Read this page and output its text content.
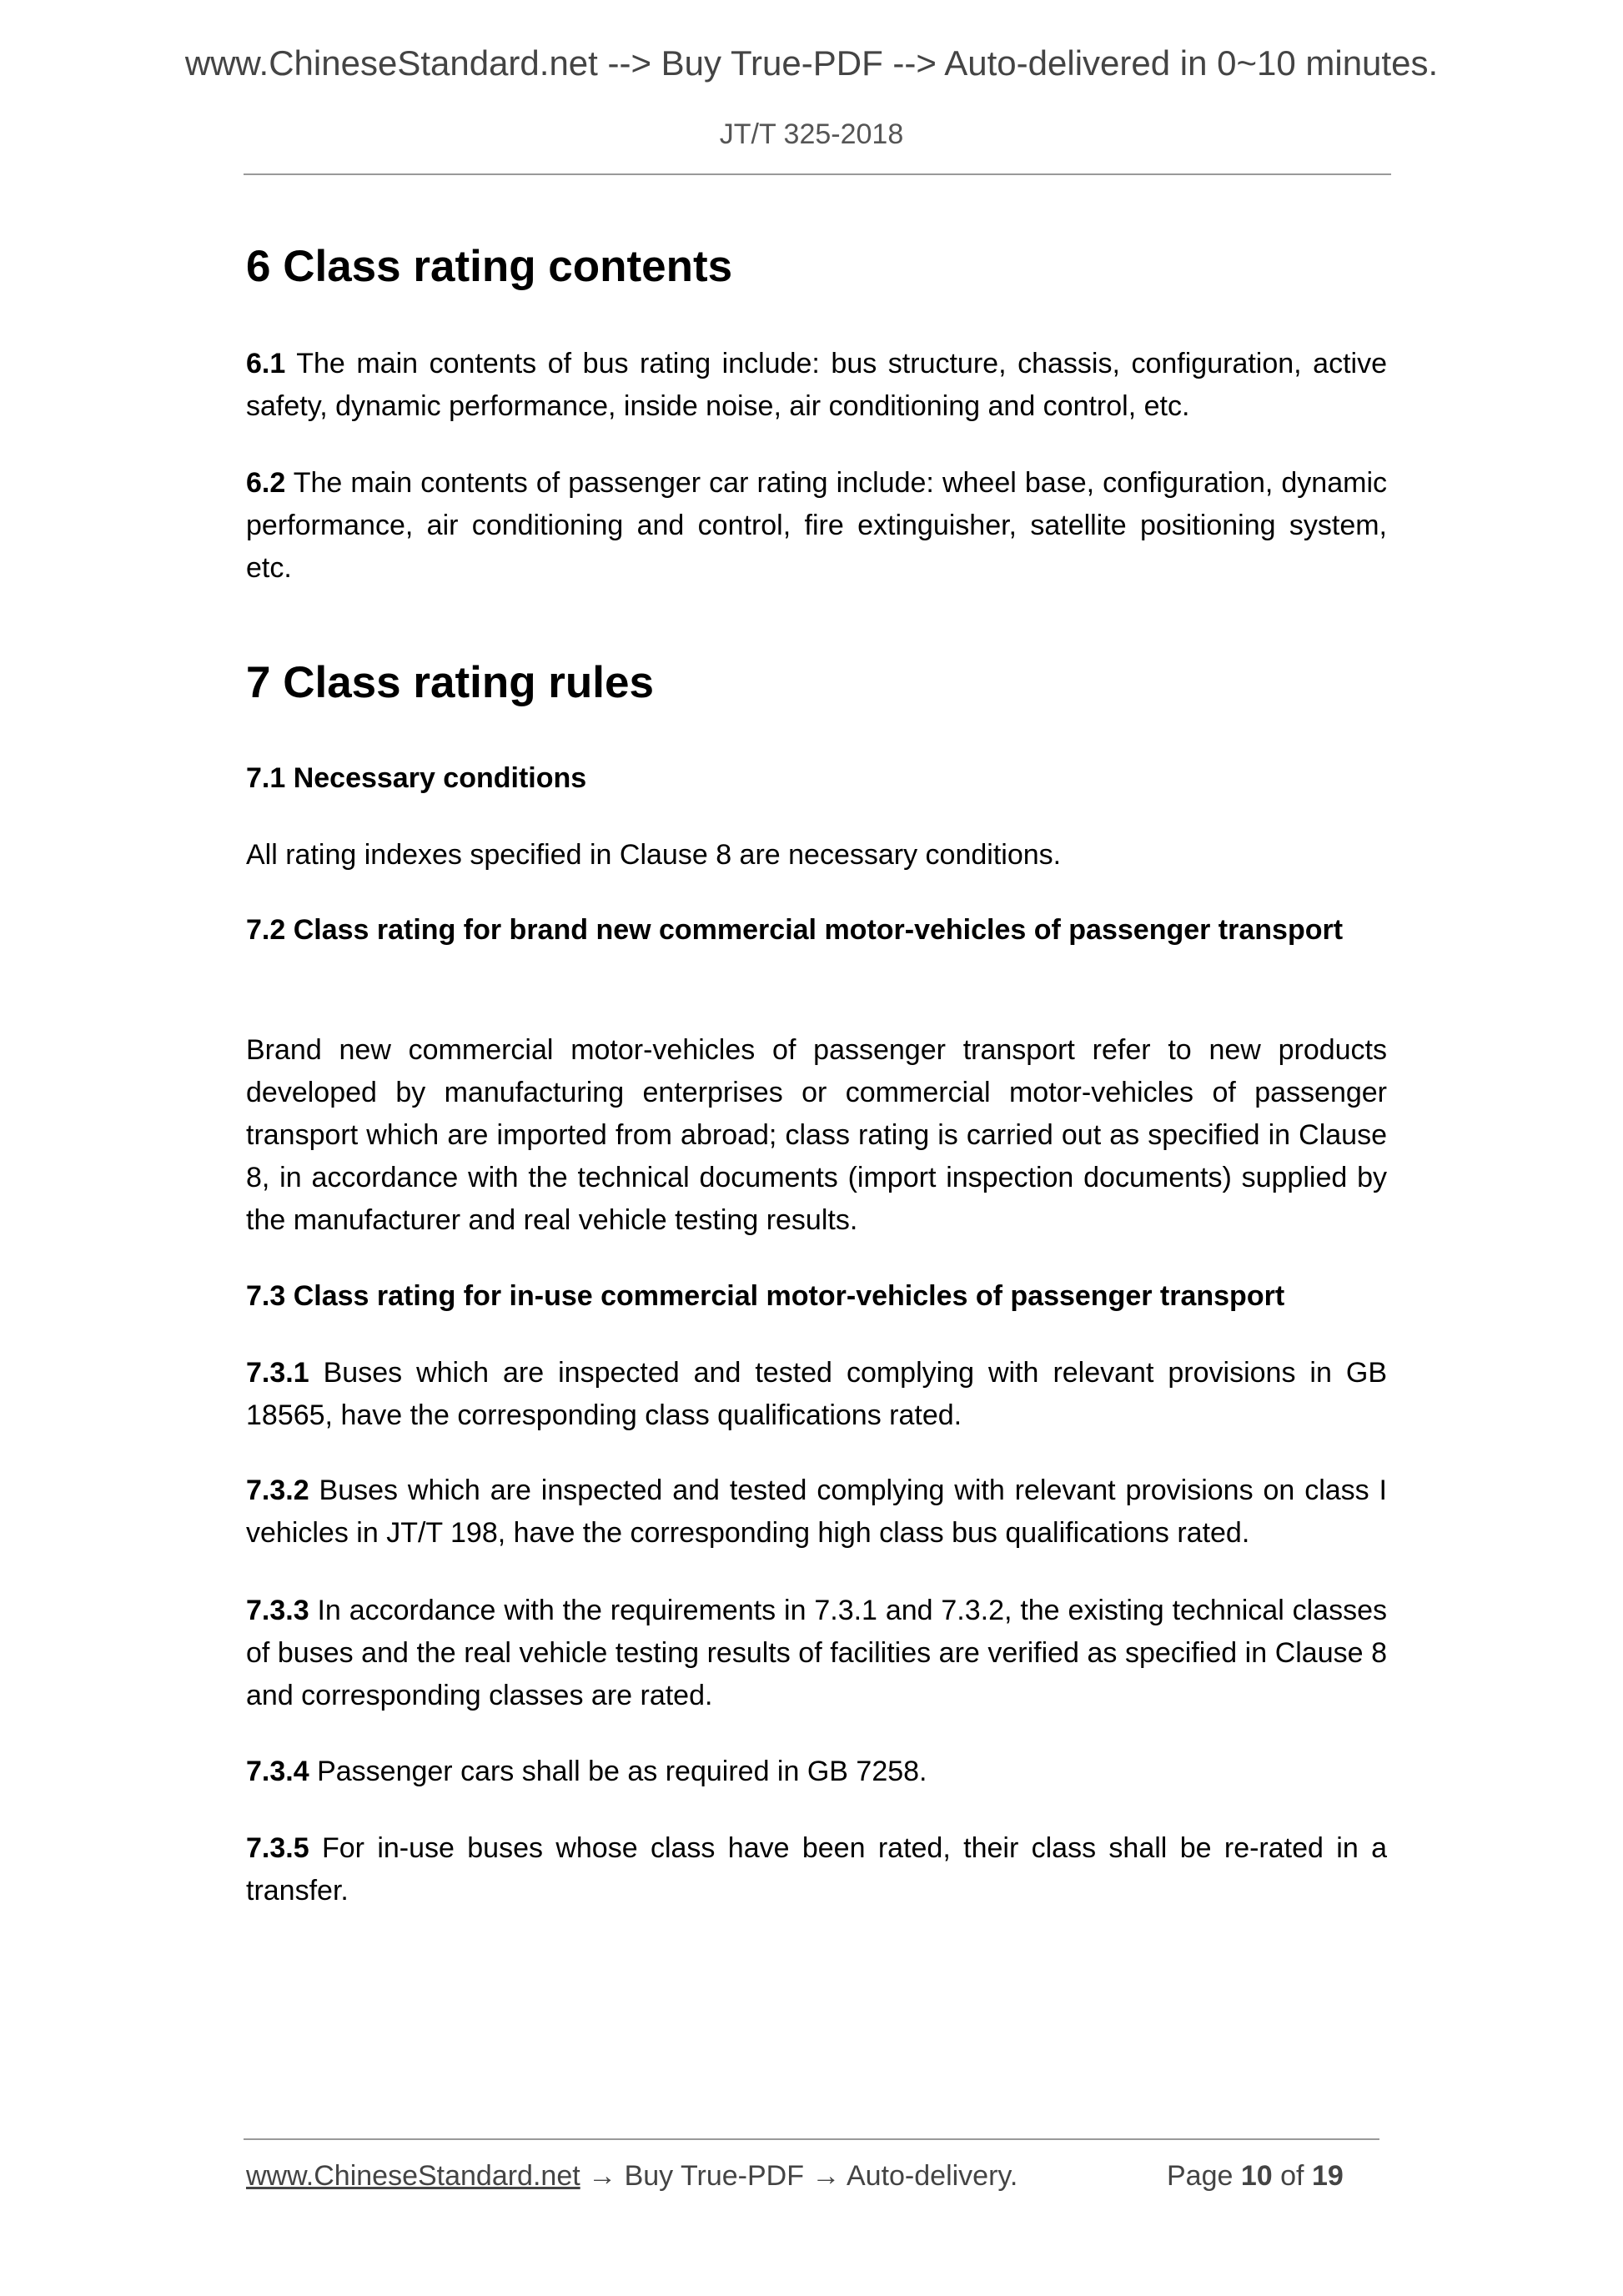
www.ChineseStandard.net --> Buy True-PDF --> Auto-delivered in 0~10 minutes.
JT/T 325-2018
6 Class rating contents
6.1 The main contents of bus rating include: bus structure, chassis, configuration, active safety, dynamic performance, inside noise, air conditioning and control, etc.
6.2 The main contents of passenger car rating include: wheel base, configuration, dynamic performance, air conditioning and control, fire extinguisher, satellite positioning system, etc.
7 Class rating rules
7.1 Necessary conditions
All rating indexes specified in Clause 8 are necessary conditions.
7.2 Class rating for brand new commercial motor-vehicles of passenger transport
Brand new commercial motor-vehicles of passenger transport refer to new products developed by manufacturing enterprises or commercial motor-vehicles of passenger transport which are imported from abroad; class rating is carried out as specified in Clause 8, in accordance with the technical documents (import inspection documents) supplied by the manufacturer and real vehicle testing results.
7.3 Class rating for in-use commercial motor-vehicles of passenger transport
7.3.1 Buses which are inspected and tested complying with relevant provisions in GB 18565, have the corresponding class qualifications rated.
7.3.2 Buses which are inspected and tested complying with relevant provisions on class I vehicles in JT/T 198, have the corresponding high class bus qualifications rated.
7.3.3 In accordance with the requirements in 7.3.1 and 7.3.2, the existing technical classes of buses and the real vehicle testing results of facilities are verified as specified in Clause 8 and corresponding classes are rated.
7.3.4 Passenger cars shall be as required in GB 7258.
7.3.5 For in-use buses whose class have been rated, their class shall be re-rated in a transfer.
www.ChineseStandard.net → Buy True-PDF → Auto-delivery.	Page 10 of 19
